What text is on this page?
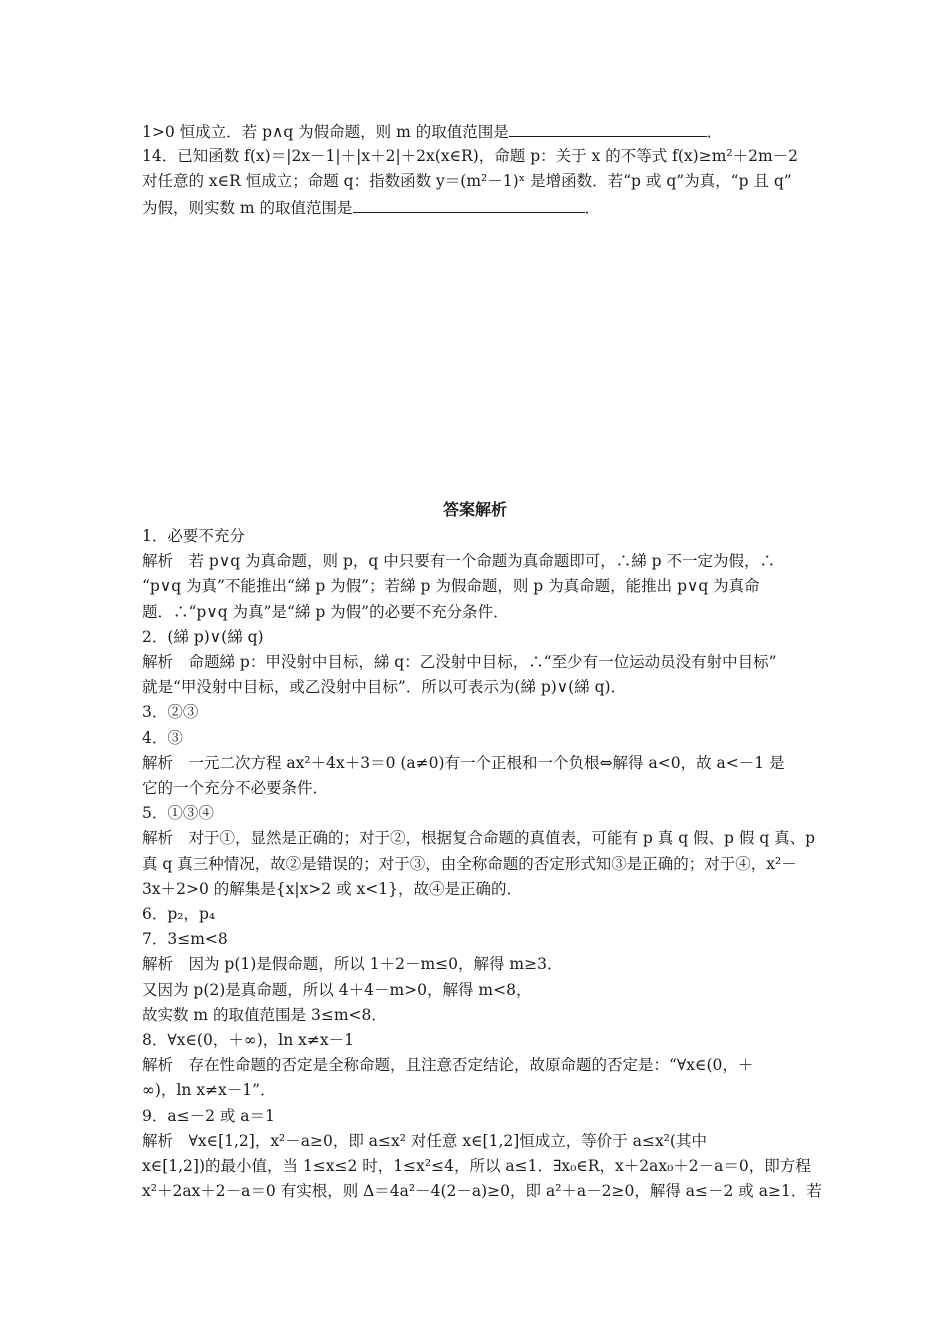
1>0 恒成立．若 p∧q 为假命题，则 m 的取值范围是	．
14．已知函数 f(x)＝|2x－1|＋|x＋2|＋2x(x∈R)，命题 p：关于 x 的不等式 f(x)≥m²＋2m－2
对任意的 x∈R 恒成立；命题 q：指数函数 y＝(m²－1)ˣ 是增函数．若“p 或 q”为真，“p 且 q”
为假，则实数 m 的取值范围是	．
答案解析
1．必要不充分
解析　若 p∨q 为真命题，则 p，q 中只要有一个命题为真命题即可，∴綈 p 不一定为假，∴
“p∨q 为真”不能推出“綈 p 为假”；若綈 p 为假命题，则 p 为真命题，能推出 p∨q 为真命
题．∴“p∨q 为真”是“綈 p 为假”的必要不充分条件．
2．(綈 p)∨(綈 q)
解析　命题綈 p：甲没射中目标，綈 q：乙没射中目标，∴“至少有一位运动员没有射中目标”
就是“甲没射中目标，或乙没射中目标”．所以可表示为(綈 p)∨(綈 q)．
3．②③
4．③
解析　一元二次方程 ax²＋4x＋3＝0 (a≠0)有一个正根和一个负根⇔解得 a<0，故 a<－1 是
它的一个充分不必要条件．
5．①③④
解析　对于①，显然是正确的；对于②，根据复合命题的真值表，可能有 p 真 q 假、p 假 q 真、p
真 q 真三种情况，故②是错误的；对于③，由全称命题的否定形式知③是正确的；对于④，x²－
3x＋2>0 的解集是{x|x>2 或 x<1}，故④是正确的．
6．p₂，p₄
7．3≤m<8
解析　因为 p(1)是假命题，所以 1＋2－m≤0，解得 m≥3．
又因为 p(2)是真命题，所以 4＋4－m>0，解得 m<8，
故实数 m 的取值范围是 3≤m<8．
8．∀x∈(0，＋∞)，ln x≠x－1
解析　存在性命题的否定是全称命题，且注意否定结论，故原命题的否定是：“∀x∈(0，＋
∞)，ln x≠x－1”．
9．a≤－2 或 a＝1
解析　∀x∈[1,2]，x²－a≥0，即 a≤x² 对任意 x∈[1,2]恒成立，等价于 a≤x²(其中
x∈[1,2])的最小值，当 1≤x≤2 时，1≤x²≤4，所以 a≤1．∃x₀∈R，x＋2ax₀＋2－a＝0，即方程
x²＋2ax＋2－a＝0 有实根，则 Δ＝4a²－4(2－a)≥0，即 a²＋a－2≥0，解得 a≤－2 或 a≥1．若
